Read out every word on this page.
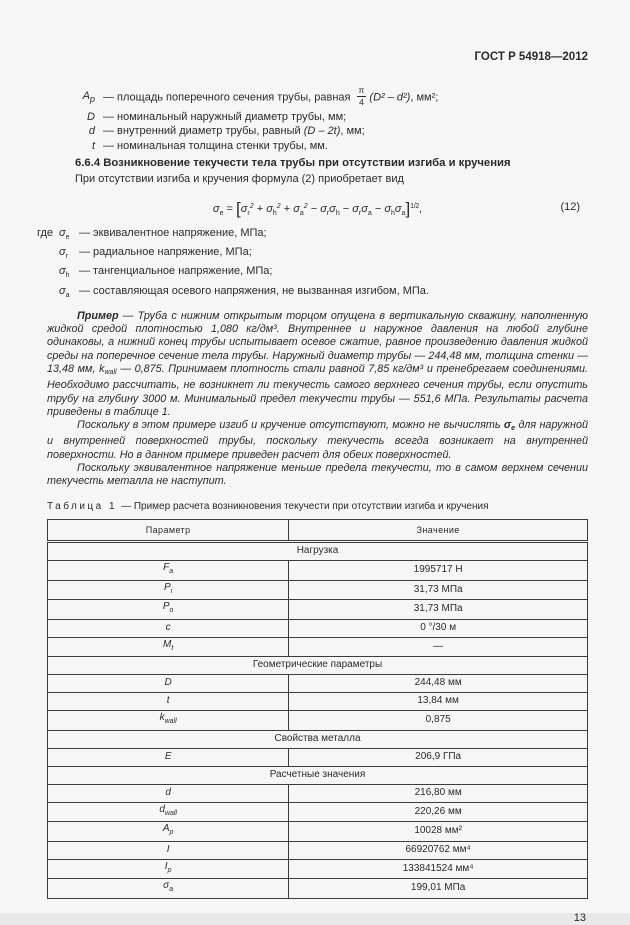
ГОСТ Р 54918—2012
$A_p$ — площадь поперечного сечения трубы, равная $\frac{\pi}{4} (D^2 - d^2)$, мм²;
D — номинальный наружный диаметр трубы, мм;
d — внутренний диаметр трубы, равный (D – 2t), мм;
t — номинальная толщина стенки трубы, мм.
6.6.4 Возникновение текучести тела трубы при отсутствии изгиба и кручения
При отсутствии изгиба и кручения формула (2) приобретает вид
$\sigma_e = [\sigma_r^2 + \sigma_h^2 + \sigma_a^2 - \sigma_r\sigma_h - \sigma_r\sigma_a - \sigma_h\sigma_a]^{1/2}$,	(12)
где $\sigma_e$ — эквивалентное напряжение, МПа;
$\sigma_r$	— радиальное напряжение, МПа;
$\sigma_h$ — тангенциальное напряжение, МПа;
$\sigma_a$ — составляющая осевого напряжения, не вызванная изгибом, МПа.
Пример — Труба с нижним открытым торцом опущена в вертикальную скважину, наполненную жидкой средой плотностью 1,080 кг/дм³. Внутреннее и наружное давления на любой глубине одинаковы, а нижний конец трубы испытывает осевое сжатие, равное произведению давления жидкой среды на поперечное сечение тела трубы. Наружный диаметр трубы — 244,48 мм, толщина стенки — 13,48 мм, $k_{wall}$ — 0,875. Принимаем плотность стали равной 7,85 кг/дм³ и пренебрегаем соединениями. Необходимо рассчитать, не возникнет ли текучесть самого верхнего сечения трубы, если опустить трубу на глубину 3000 м. Минимальный предел текучести трубы — 551,6 МПа. Результаты расчета приведены в таблице 1.
Поскольку в этом примере изгиб и кручение отсутствуют, можно не вычислять $\sigma_e$ для наружной и внутренней поверхностей трубы, поскольку текучесть всегда возникает на внутренней поверхности. Но в данном примере приведен расчет для обеих поверхностей.
Поскольку эквивалентное напряжение меньше предела текучести, то в самом верхнем сечении текучесть металла не наступит.
Таблица 1 — Пример расчета возникновения текучести при отсутствии изгиба и кручения
Параметр	Значение
Нагрузка	
$F_a$	1995717 Н
$P_i$	31,73 МПа
$P_o$	31,73 МПа
c	0 °/30 м
$M_t$	—
Геометрические параметры	
D	244,48 мм
t	13,84 мм
$k_{wall}$	0,875
Свойства металла	
E	206,9 ГПа
Расчетные значения	
d	216,80 мм
$d_{wall}$	220,26 мм
$A_p$	10028 мм²
I	66920762 мм⁴
$I_p$	133841524 мм⁴
$\sigma_a$	199,01 МПа
13
